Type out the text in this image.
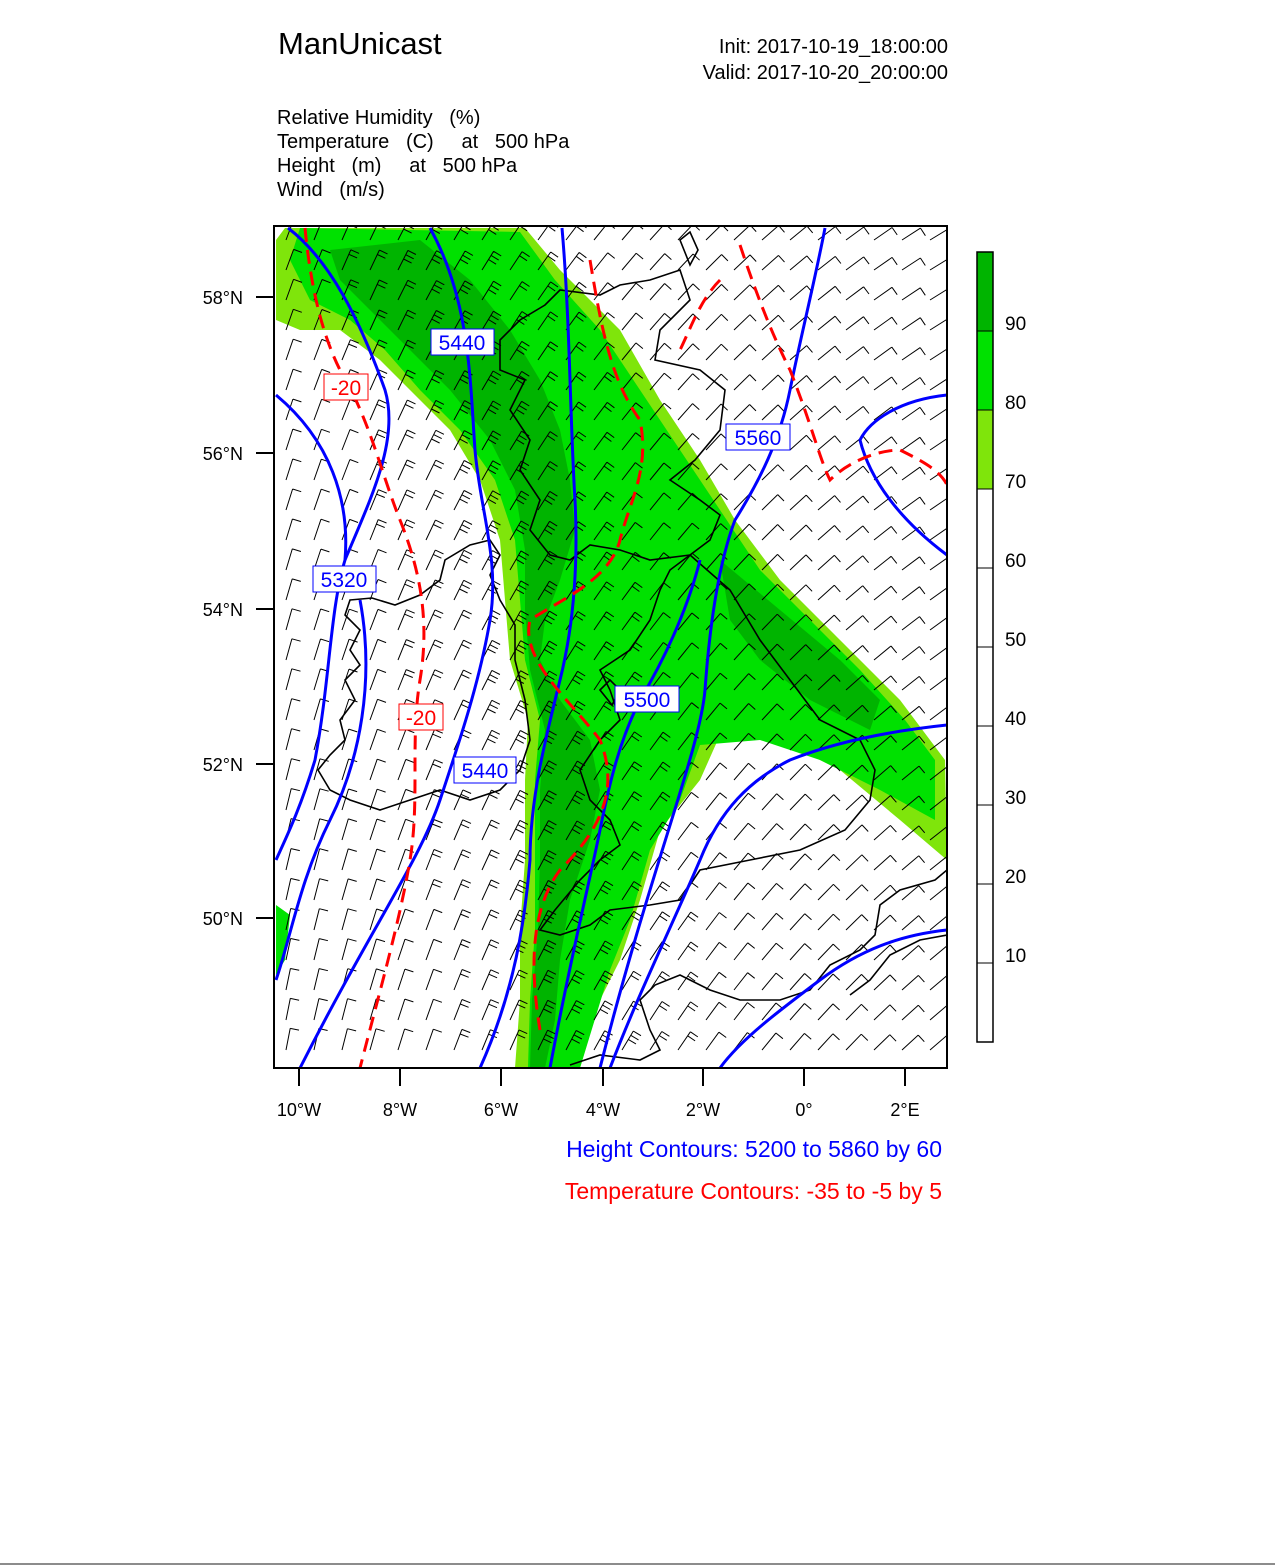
ManUnicast	Init: 2017-10-19_18:00:00
Valid: 2017-10-20_20:00:00
Relative Humidity   (%)
Temperature   (C)     at   500 hPa
Height   (m)     at   500 hPa
Wind   (m/s)
5440
5560
5320
5500
5440
-20
-20
58°N
56°N
54°N
52°N
50°N
10°W	8°W	6°W	4°W	2°W	0°	2°E
90
80
70
60
50
40
30
20
10
Height Contours: 5200 to 5860 by 60
Temperature Contours: -35 to -5 by 5
